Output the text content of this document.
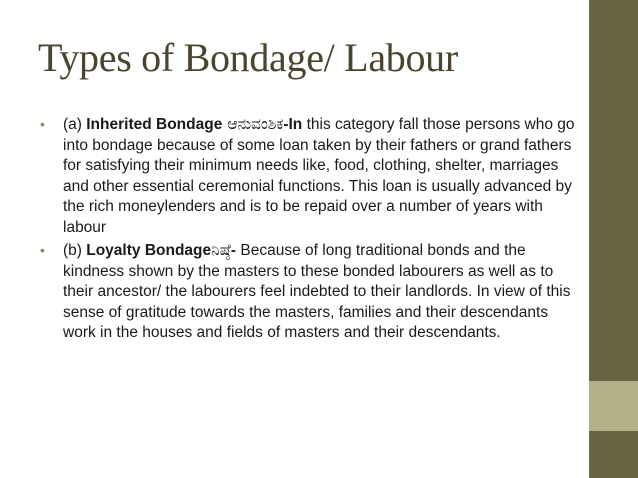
Types of Bondage/ Labour
• (a) Inherited Bondage ಆನುವಂಶಿಕ-In this category fall those persons who go into bondage because of some loan taken by their fathers or grand fathers for satisfying their minimum needs like, food, clothing, shelter, marriages and other essential ceremonial functions. This loan is usually advanced by the rich moneylenders and is to be repaid over a number of years with labour
• (b) Loyalty Bondageನಿಷ್ಠೆ- Because of long traditional bonds and the kindness shown by the masters to these bonded labourers as well as to their ancestor/ the labourers feel indebted to their landlords. In view of this sense of gratitude towards the masters, families and their descendants work in the houses and fields of masters and their descendants.
